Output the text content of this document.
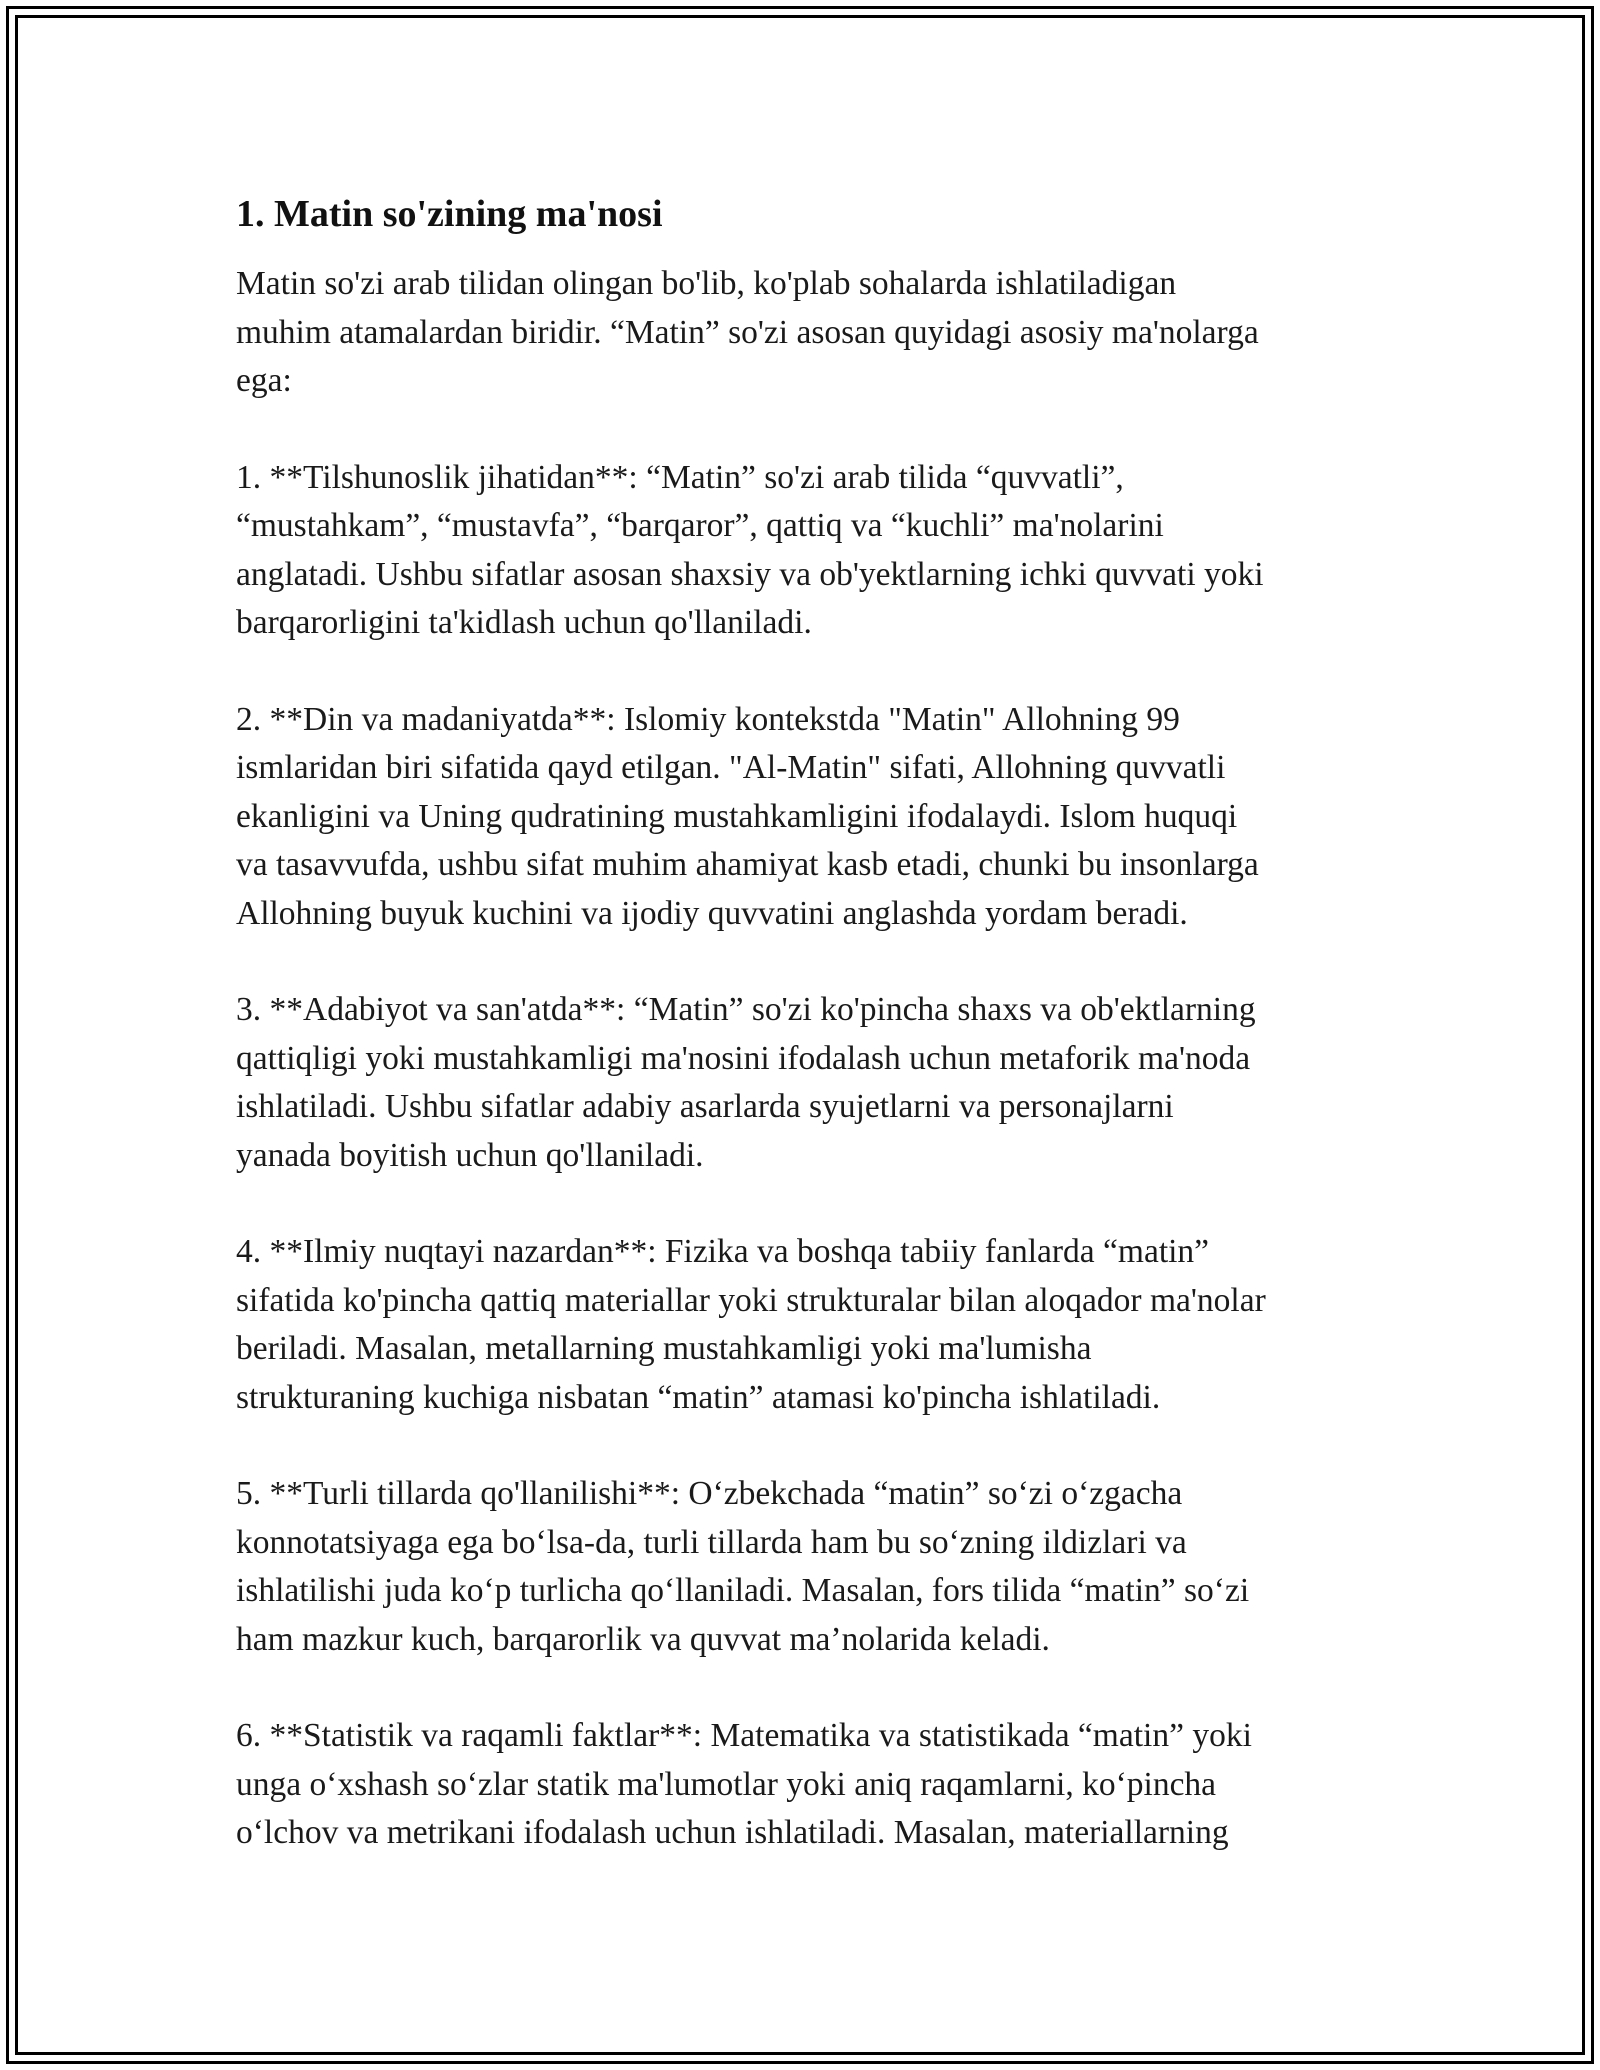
1. Matin so'zining ma'nosi

Matin so'zi arab tilidan olingan bo'lib, ko'plab sohalarda ishlatiladigan
muhim atamalardan biridir. “Matin” so'zi asosan quyidagi asosiy ma'nolarga
ega:

1. **Tilshunoslik jihatidan**: “Matin” so'zi arab tilida “quvvatli”,
“mustahkam”, “mustavfa”, “barqaror”, qattiq va “kuchli” ma'nolarini
anglatadi. Ushbu sifatlar asosan shaxsiy va ob'yektlarning ichki quvvati yoki
barqarorligini ta'kidlash uchun qo'llaniladi.

2. **Din va madaniyatda**: Islomiy kontekstda "Matin" Allohning 99
ismlaridan biri sifatida qayd etilgan. "Al-Matin" sifati, Allohning quvvatli
ekanligini va Uning qudratining mustahkamligini ifodalaydi. Islom huquqi
va tasavvufda, ushbu sifat muhim ahamiyat kasb etadi, chunki bu insonlarga
Allohning buyuk kuchini va ijodiy quvvatini anglashda yordam beradi.

3. **Adabiyot va san'atda**: “Matin” so'zi ko'pincha shaxs va ob'ektlarning
qattiqligi yoki mustahkamligi ma'nosini ifodalash uchun metaforik ma'noda
ishlatiladi. Ushbu sifatlar adabiy asarlarda syujetlarni va personajlarni
yanada boyitish uchun qo'llaniladi.

4. **Ilmiy nuqtayi nazardan**: Fizika va boshqa tabiiy fanlarda “matin”
sifatida ko'pincha qattiq materiallar yoki strukturalar bilan aloqador ma'nolar
beriladi. Masalan, metallarning mustahkamligi yoki ma'lumisha
strukturaning kuchiga nisbatan “matin” atamasi ko'pincha ishlatiladi.

5. **Turli tillarda qo'llanilishi**: O‘zbekchada “matin” so‘zi o‘zgacha
konnotatsiyaga ega bo‘lsa-da, turli tillarda ham bu so‘zning ildizlari va
ishlatilishi juda ko‘p turlicha qo‘llaniladi. Masalan, fors tilida “matin” so‘zi
ham mazkur kuch, barqarorlik va quvvat ma’nolarida keladi.

6. **Statistik va raqamli faktlar**: Matematika va statistikada “matin” yoki
unga o‘xshash so‘zlar statik ma'lumotlar yoki aniq raqamlarni, ko‘pincha
o‘lchov va metrikani ifodalash uchun ishlatiladi. Masalan, materiallarning
